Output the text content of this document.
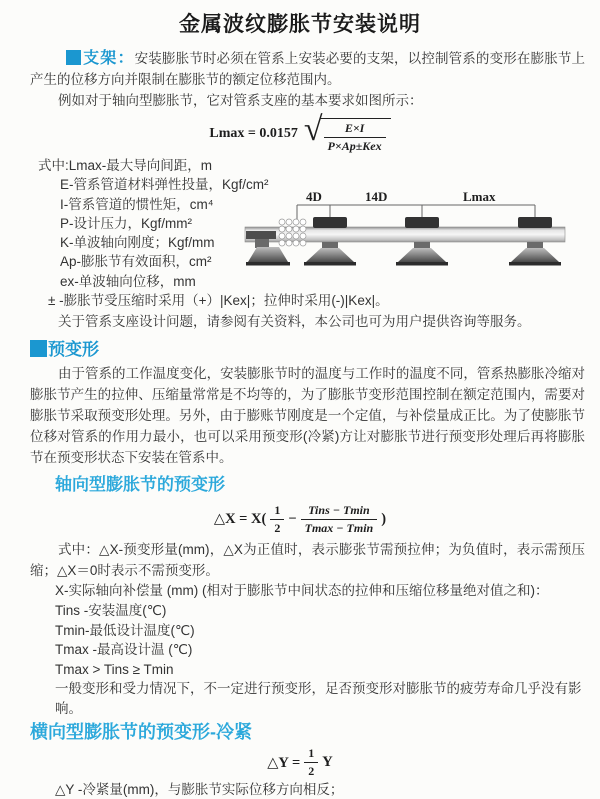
金属波纹膨胀节安装说明

支架：安装膨胀节时必须在管系上安装必要的支架，以控制管系的变形在膨胀节上产生的位移方向并限制在膨胀节的额定位移范围内。

例如对于轴向型膨胀节，它对管系支座的基本要求如图所示：

Lmax = 0.0157 √ $\frac{E\times I}{\text{P×Ap±Kex}}$
式中:Lmax-最大导向间距，m
E-管系管道材料弹性投量，Kgf/cm²
I-管系管道的惯性矩，cm⁴
P-设计压力，Kgf/mm²
K-单波轴向刚度；Kgf/mm
Ap-膨胀节有效面积，cm²
ex-单波轴向位移，mm
± -膨胀节受压缩时采用（+）|Kex|；拉伸时采用(-)|Kex|。

关于管系支座设计问题，请参阅有关资料，本公司也可为用户提供咨询等服务。

4D	14D	Lmax
预变形

由于管系的工作温度变化，安装膨胀节时的温度与工作时的温度不同，管系热膨胀冷缩对膨胀节产生的拉伸、压缩量常常是不均等的，为了膨胀节变形范围控制在额定范围内，需要对膨胀节采取预变形处理。另外，由于膨账节刚度是一个定值，与补偿量成正比。为了使膨胀节位移对管系的作用力最小，也可以采用预变形(冷紧)方让对膨胀节进行预变形处理后再将膨胀节在预变形状态下安装在管系中。

轴向型膨胀节的预变形
△X = $X( \frac{1}{2} - \frac{\text{Tins − Tmin}}{Tmax - Tmin}$ )

式中：△X-预变形量(mm)，△X为正值时，表示膨张节需预拉伸；为负值时，表示需预压缩；△X＝0时表示不需预变形。

X-实际轴向补偿量 (mm) (相对于膨胀节中间状态的拉伸和压缩位移量绝对值之和)：
Tins -安装温度(℃)
Tmin-最低设计温度(℃)
Tmax -最高设计温 (℃)
Tmax > Tins ≥ Tmin
一般变形和受力情况下，不一定进行预变形，足否预变形对膨胀节的疲劳寿命几乎没有影响。
横向型膨胀节的预变形-冷紧
△Y = $\frac{1}{2}$ Y
△Y -冷紧量(mm)，与膨胀节实际位移方向相反；
